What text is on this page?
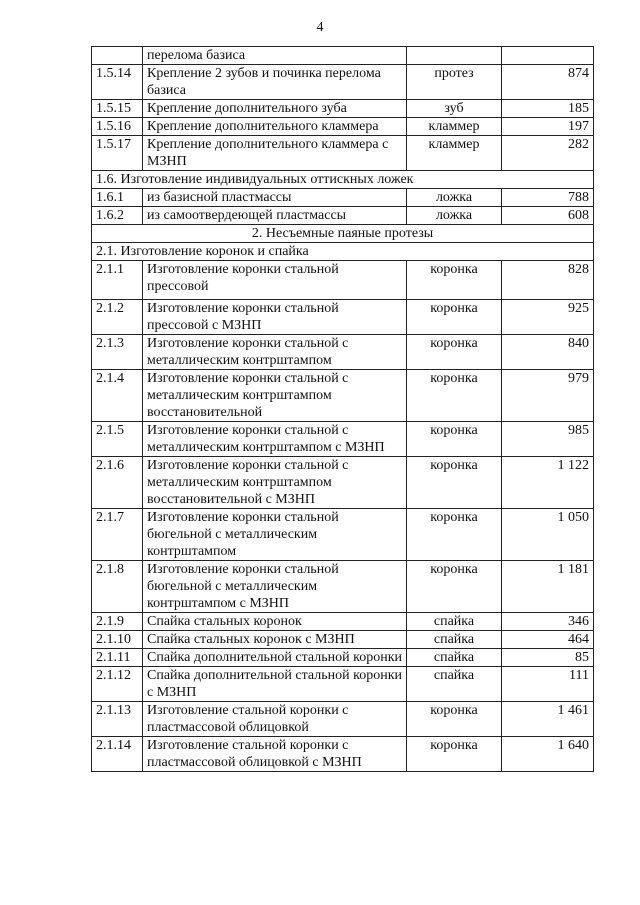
4
	перелома базиса		
1.5.14	Крепление 2 зубов и починка перелома базиса	протез	874
1.5.15	Крепление дополнительного зуба	зуб	185
1.5.16	Крепление дополнительного кламмера	кламмер	197
1.5.17	Крепление дополнительного кламмера с МЗНП	кламмер	282
1.6. Изготовление индивидуальных оттискных ложек			
1.6.1	из базисной пластмассы	ложка	788
1.6.2	из самоотвердеющей пластмассы	ложка	608
2. Несъемные паяные протезы			
2.1. Изготовление коронок и спайка			
2.1.1	Изготовление коронки стальной прессовой	коронка	828
2.1.2	Изготовление коронки стальной прессовой с МЗНП	коронка	925
2.1.3	Изготовление коронки стальной с металлическим контрштампом	коронка	840
2.1.4	Изготовление коронки стальной с металлическим контрштампом восстановительной	коронка	979
2.1.5	Изготовление коронки стальной с металлическим контрштампом с МЗНП	коронка	985
2.1.6	Изготовление коронки стальной с металлическим контрштампом восстановительной с МЗНП	коронка	1 122
2.1.7	Изготовление коронки стальной бюгельной с металлическим контрштампом	коронка	1 050
2.1.8	Изготовление коронки стальной бюгельной с металлическим контрштампом с МЗНП	коронка	1 181
2.1.9	Спайка стальных коронок	спайка	346
2.1.10	Спайка стальных коронок с МЗНП	спайка	464
2.1.11	Спайка дополнительной стальной коронки	спайка	85
2.1.12	Спайка дополнительной стальной коронки с МЗНП	спайка	111
2.1.13	Изготовление стальной коронки с пластмассовой облицовкой	коронка	1 461
2.1.14	Изготовление стальной коронки с пластмассовой облицовкой с МЗНП	коронка	1 640
